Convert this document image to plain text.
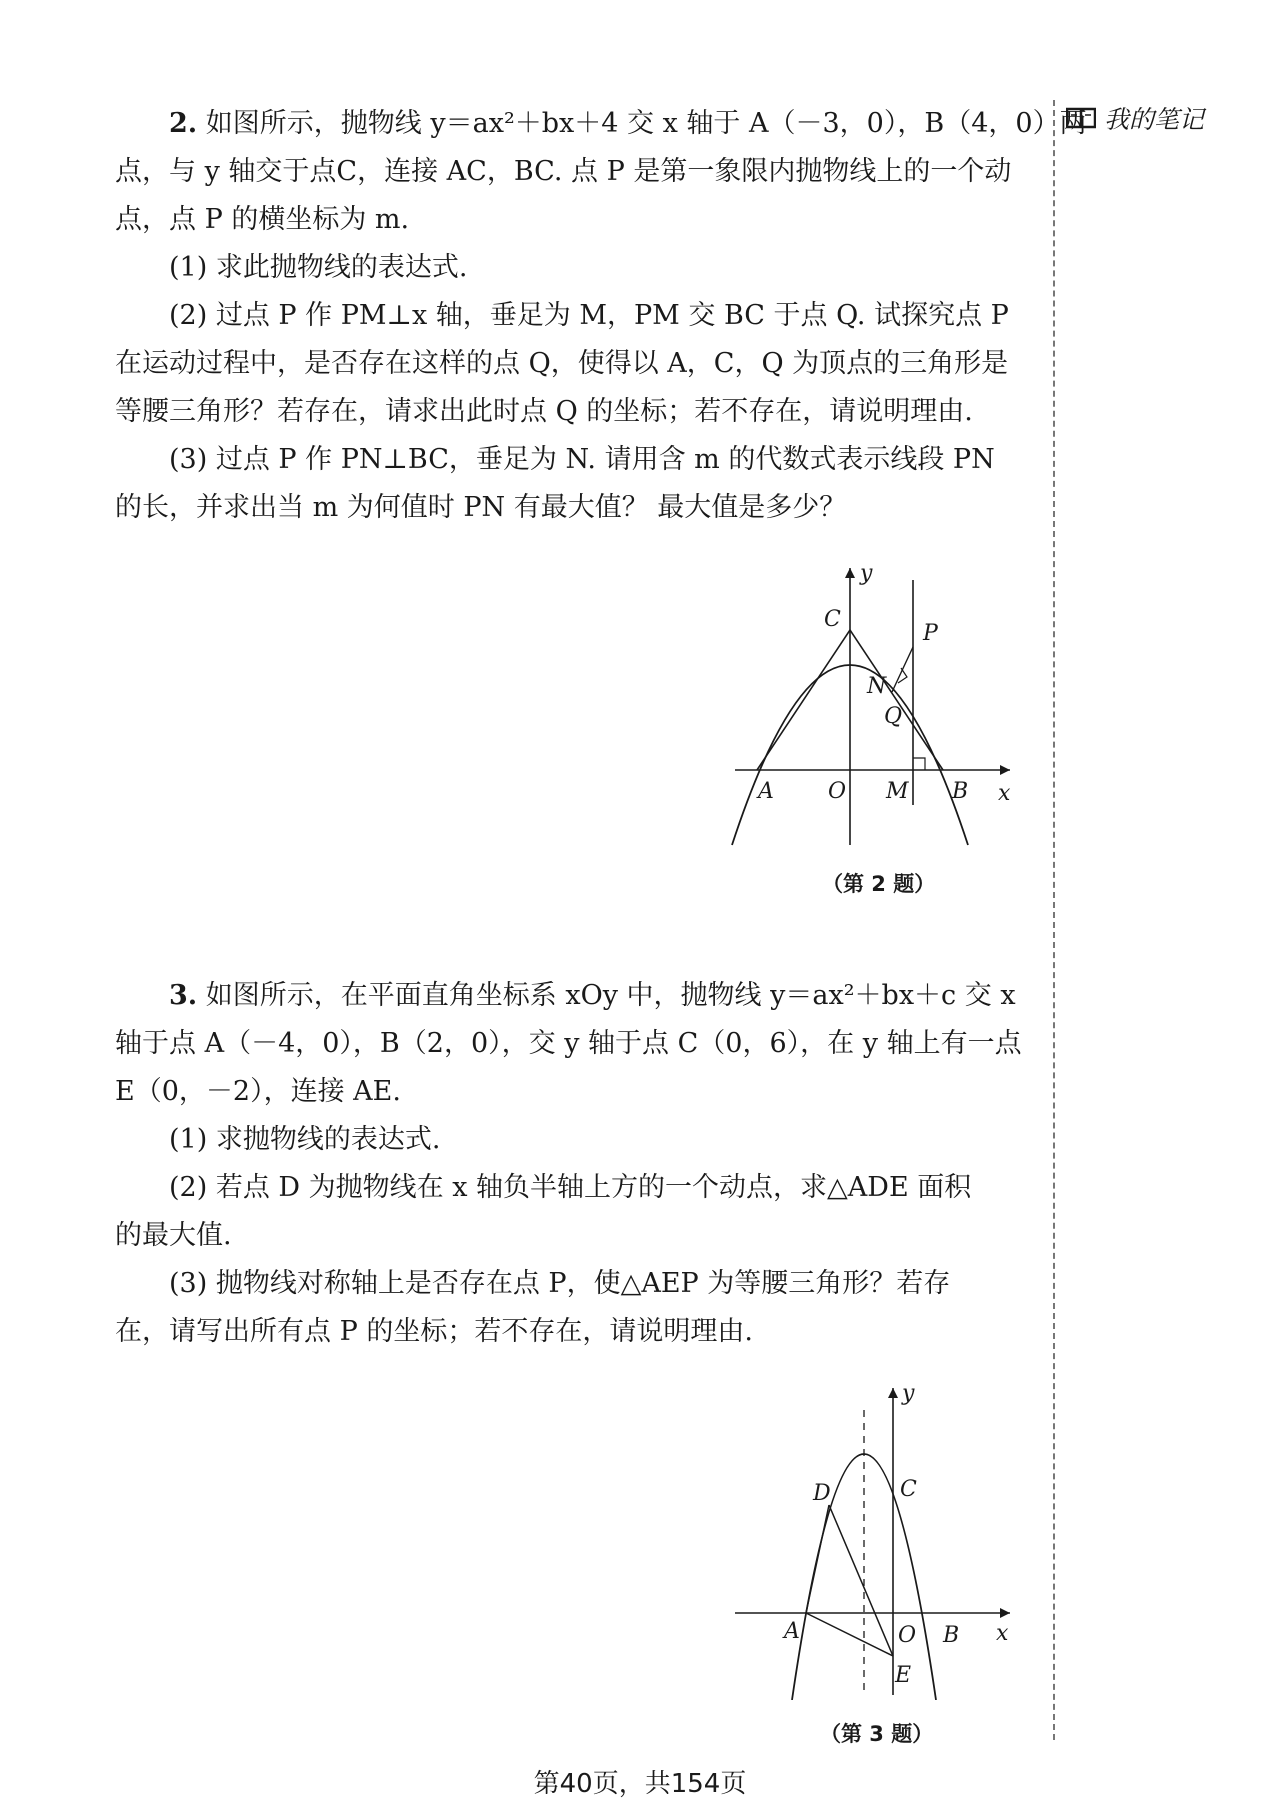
我的笔记
2. 如图所示，抛物线 y＝ax²＋bx＋4 交 x 轴于 A（－3，0），B（4，0）两
点，与 y 轴交于点C，连接 AC，BC. 点 P 是第一象限内抛物线上的一个动
点，点 P 的横坐标为 m.
(1) 求此抛物线的表达式.
(2) 过点 P 作 PM⊥x 轴，垂足为 M，PM 交 BC 于点 Q. 试探究点 P
在运动过程中，是否存在这样的点 Q，使得以 A，C，Q 为顶点的三角形是
等腰三角形？若存在，请求出此时点 Q 的坐标；若不存在，请说明理由.
(3) 过点 P 作 PN⊥BC，垂足为 N. 请用含 m 的代数式表示线段 PN
的长，并求出当 m 为何值时 PN 有最大值？ 最大值是多少？
y
x
C
P
N
Q
A O M B
（第 2 题）
3. 如图所示，在平面直角坐标系 xOy 中，抛物线 y＝ax²＋bx＋c 交 x
轴于点 A（－4，0），B（2，0），交 y 轴于点 C（0，6），在 y 轴上有一点
E（0，－2），连接 AE.
(1) 求抛物线的表达式.
(2) 若点 D 为抛物线在 x 轴负半轴上方的一个动点，求△ADE 面积
的最大值.
(3) 抛物线对称轴上是否存在点 P，使△AEP 为等腰三角形？若存
在，请写出所有点 P 的坐标；若不存在，请说明理由.
y
x
C
D
A	O B
E
（第 3 题）
第40页，共154页
